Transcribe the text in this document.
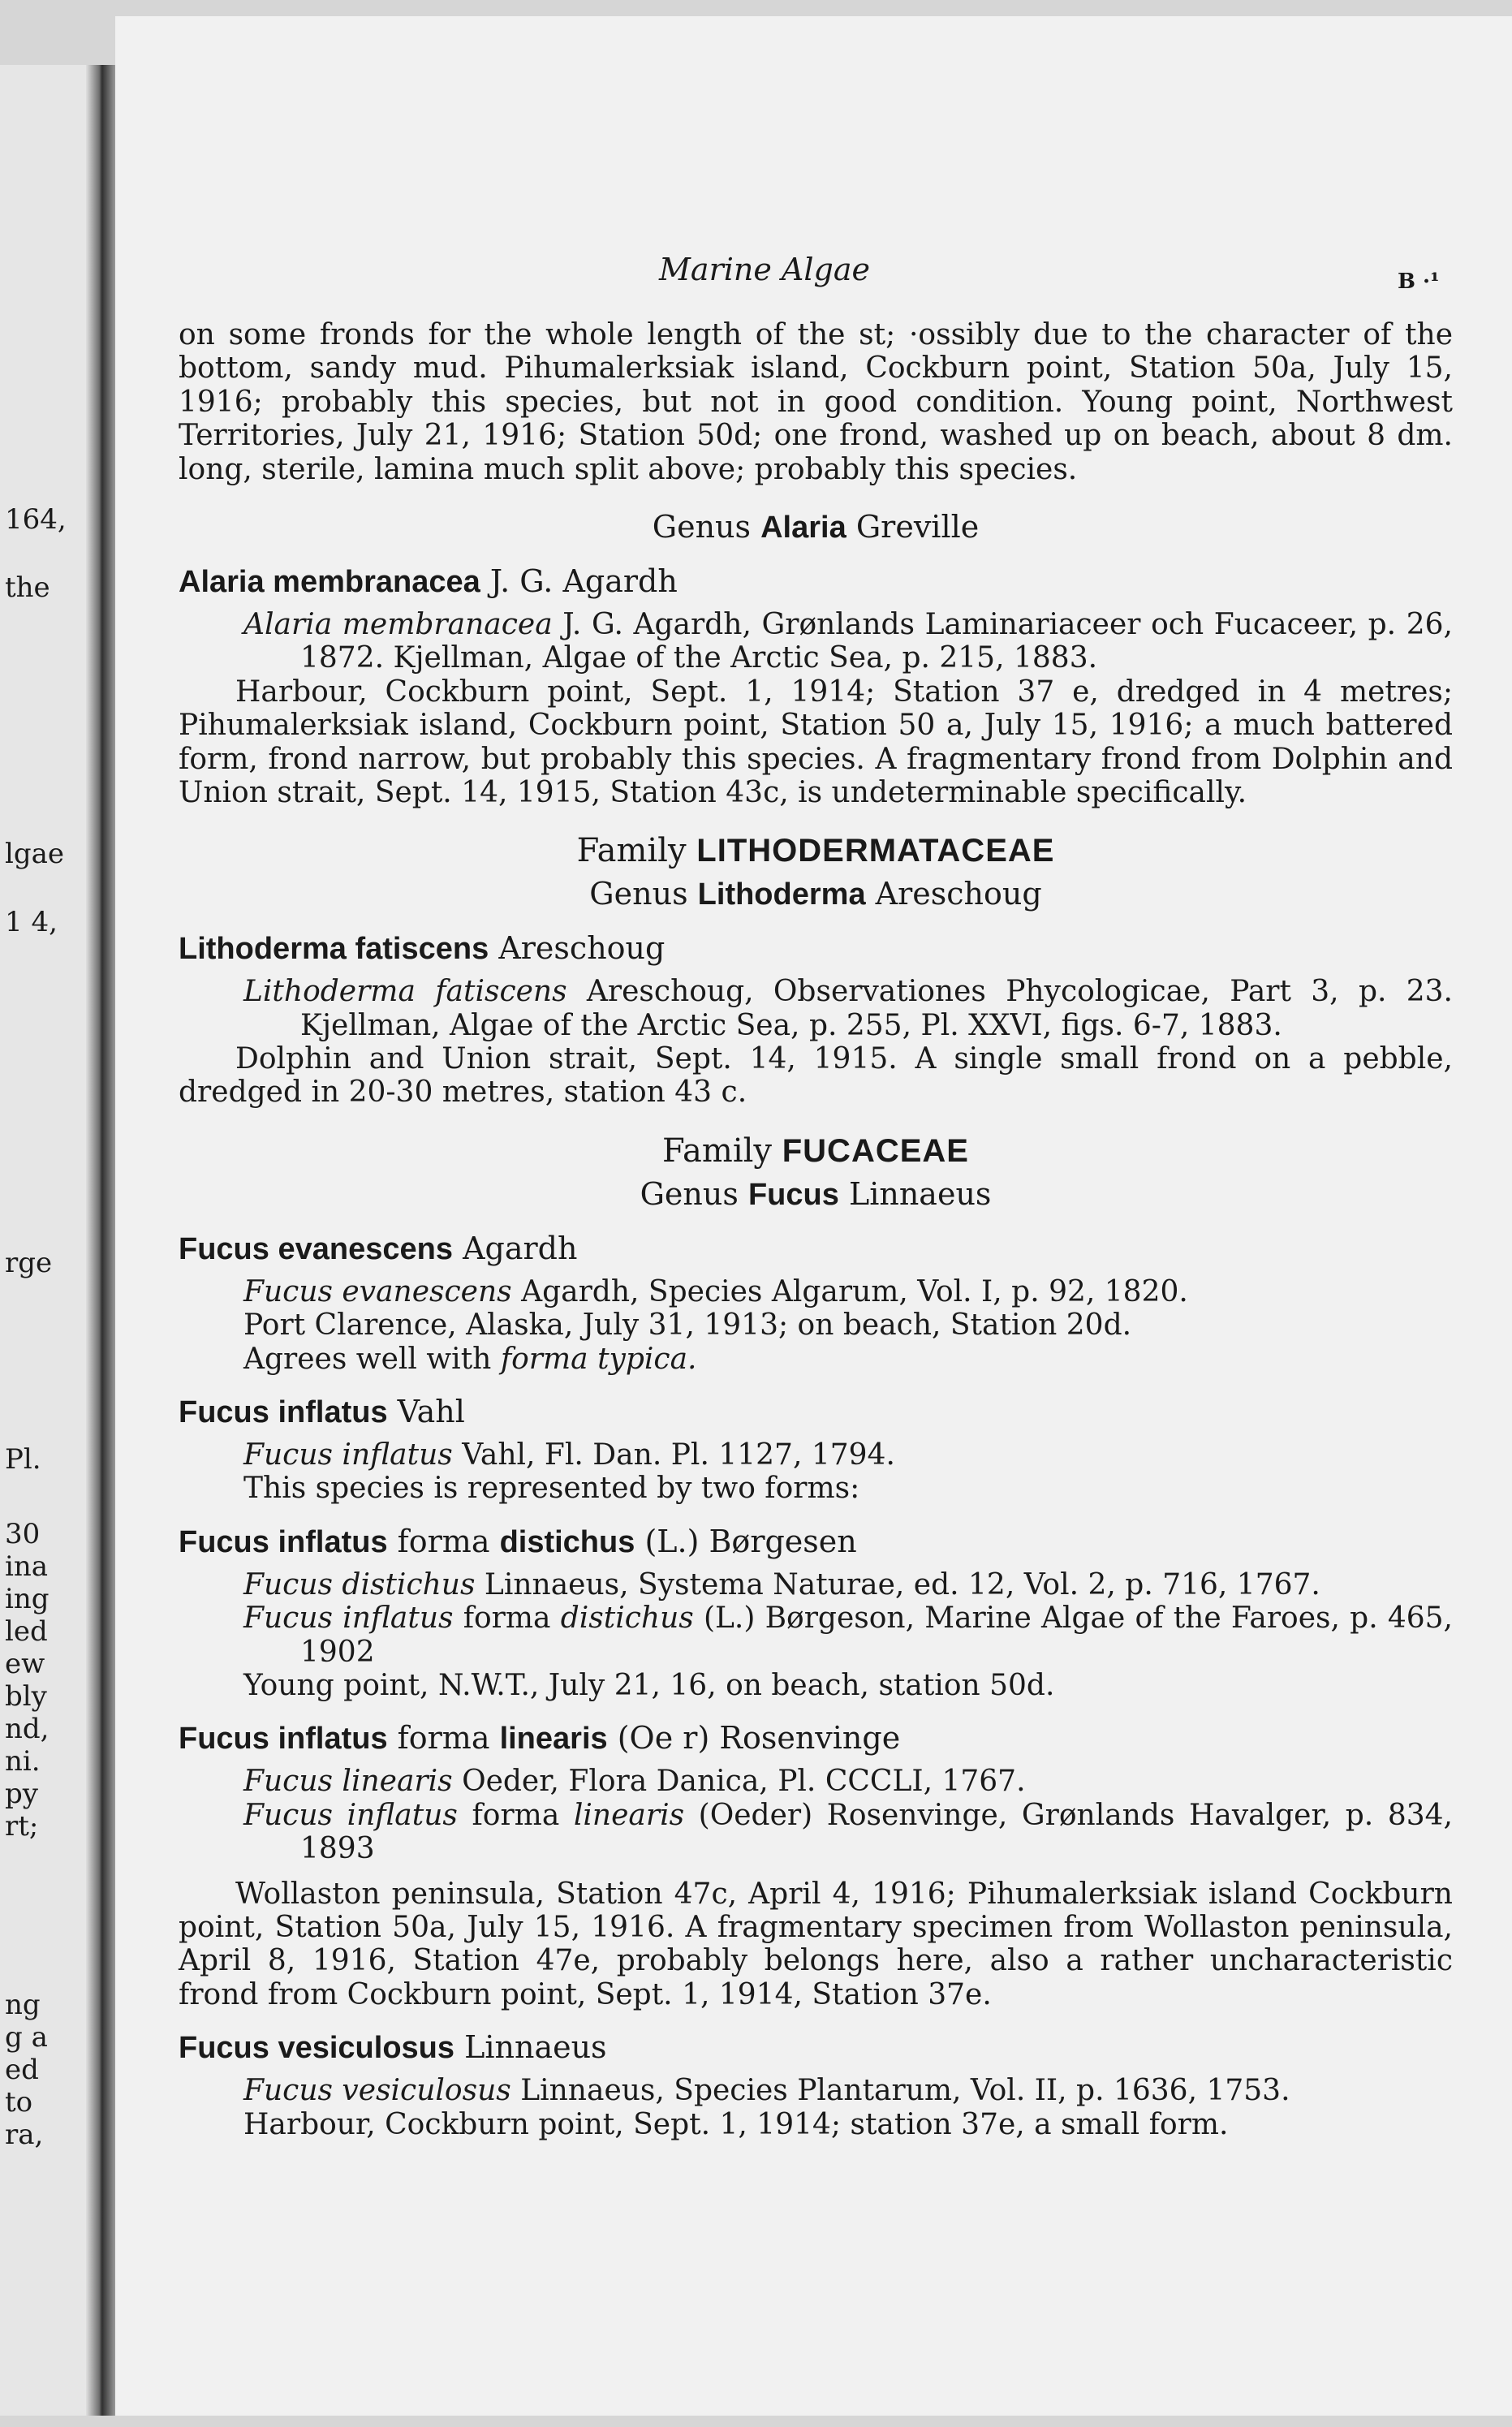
164,
the
lgae
1 4,
rge
Pl.
30
ina
ing
led
ew
bly
nd,
ni.
py
rt;
ng
g a
ed
to
ra,
Marine Algae	B ·¹

on some fronds for the whole length of the st; ·ossibly due to the character of the bottom, sandy mud. Pihumalerksiak island, Cockburn point, Station 50a, July 15, 1916; probably this species, but not in good condition. Young point, Northwest Territories, July 21, 1916; Station 50d; one frond, washed up on beach, about 8 dm. long, sterile, lamina much split above; probably this species.

Genus Alaria Greville
Alaria membranacea J. G. Agardh

Alaria membranacea J. G. Agardh, Grønlands Laminariaceer och Fucaceer, p. 26, 1872. Kjellman, Algae of the Arctic Sea, p. 215, 1883.

Harbour, Cockburn point, Sept. 1, 1914; Station 37 e, dredged in 4 metres; Pihumalerksiak island, Cockburn point, Station 50 a, July 15, 1916; a much battered form, frond narrow, but probably this species. A fragmentary frond from Dolphin and Union strait, Sept. 14, 1915, Station 43c, is undeterminable specifically.

Family LITHODERMATACEAE
Genus Lithoderma Areschoug
Lithoderma fatiscens Areschoug

Lithoderma fatiscens Areschoug, Observationes Phycologicae, Part 3, p. 23. Kjellman, Algae of the Arctic Sea, p. 255, Pl. XXVI, figs. 6-7, 1883.

Dolphin and Union strait, Sept. 14, 1915. A single small frond on a pebble, dredged in 20-30 metres, station 43 c.

Family FUCACEAE
Genus Fucus Linnaeus
Fucus evanescens Agardh

Fucus evanescens Agardh, Species Algarum, Vol. I, p. 92, 1820.

Port Clarence, Alaska, July 31, 1913; on beach, Station 20d.

Agrees well with forma typica.

Fucus inflatus Vahl

Fucus inflatus Vahl, Fl. Dan. Pl. 1127, 1794.

This species is represented by two forms:

Fucus inflatus forma distichus (L.) Børgesen

Fucus distichus Linnaeus, Systema Naturae, ed. 12, Vol. 2, p. 716, 1767.

Fucus inflatus forma distichus (L.) Børgeson, Marine Algae of the Faroes, p. 465, 1902

Young point, N.W.T., July 21, 16, on beach, station 50d.

Fucus inflatus forma linearis (Oe r) Rosenvinge

Fucus linearis Oeder, Flora Danica, Pl. CCCLI, 1767.

Fucus inflatus forma linearis (Oeder) Rosenvinge, Grønlands Havalger, p. 834, 1893

Wollaston peninsula, Station 47c, April 4, 1916; Pihumalerksiak island Cockburn point, Station 50a, July 15, 1916. A fragmentary specimen from Wollaston peninsula, April 8, 1916, Station 47e, probably belongs here, also a rather uncharacteristic frond from Cockburn point, Sept. 1, 1914, Station 37e.

Fucus vesiculosus Linnaeus

Fucus vesiculosus Linnaeus, Species Plantarum, Vol. II, p. 1636, 1753.

Harbour, Cockburn point, Sept. 1, 1914; station 37e, a small form.
